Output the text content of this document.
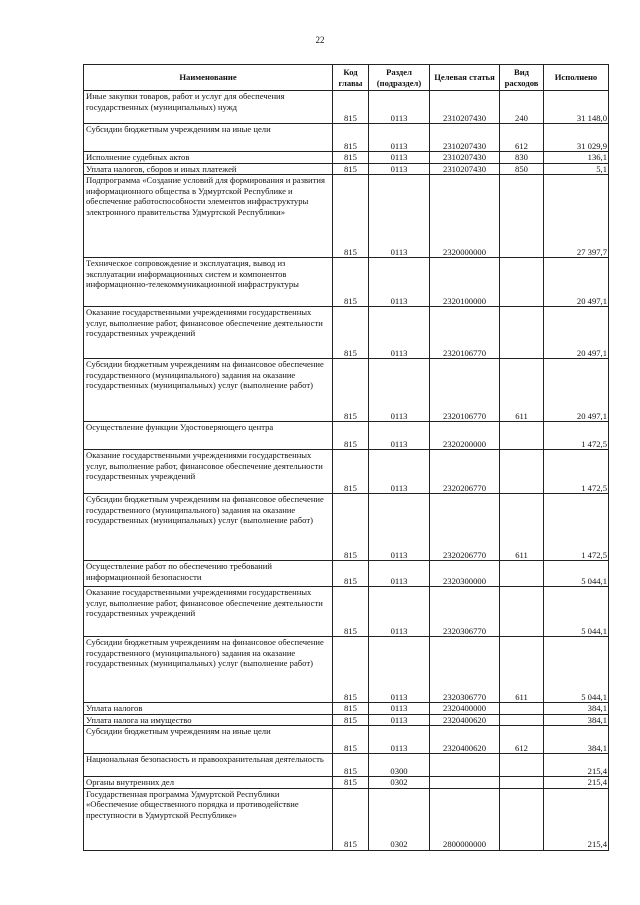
22
Наименование	Код главы	Раздел (подраздел)	Целевая статья	Вид расходов	Исполнено
Иные закупки товаров, работ и услуг для обеспечения государственных (муниципальных) нужд	815	0113	2310207430	240	31 148,0
Субсидии бюджетным учреждениям на иные цели	815	0113	2310207430	612	31 029,9
Исполнение судебных актов	815	0113	2310207430	830	136,1
Уплата налогов, сборов и иных платежей	815	0113	2310207430	850	5,1
Подпрограмма «Создание условий для формирования и развития информационного общества в Удмуртской Республике и обеспечение работоспособности элементов инфраструктуры электронного правительства Удмуртской Республики»	815	0113	2320000000		27 397,7
Техническое сопровождение и эксплуатация, вывод из эксплуатации информационных систем и компонентов информационно-телекоммуникационной инфраструктуры	815	0113	2320100000		20 497,1
Оказание государственными учреждениями государственных услуг, выполнение работ, финансовое обеспечение деятельности государственных учреждений	815	0113	2320106770		20 497,1
Субсидии бюджетным учреждениям на финансовое обеспечение государственного (муниципального) задания на оказание государственных (муниципальных) услуг (выполнение работ)	815	0113	2320106770	611	20 497,1
Осуществление функции Удостоверяющего центра	815	0113	2320200000		1 472,5
Оказание государственными учреждениями государственных услуг, выполнение работ, финансовое обеспечение деятельности государственных учреждений	815	0113	2320206770		1 472,5
Субсидии бюджетным учреждениям на финансовое обеспечение государственного (муниципального) задания на оказание государственных (муниципальных) услуг (выполнение работ)	815	0113	2320206770	611	1 472,5
Осуществление работ по обеспечению требований информационной безопасности	815	0113	2320300000		5 044,1
Оказание государственными учреждениями государственных услуг, выполнение работ, финансовое обеспечение деятельности государственных учреждений	815	0113	2320306770		5 044,1
Субсидии бюджетным учреждениям на финансовое обеспечение государственного (муниципального) задания на оказание государственных (муниципальных) услуг (выполнение работ)	815	0113	2320306770	611	5 044,1
Уплата налогов	815	0113	2320400000		384,1
Уплата налога на имущество	815	0113	2320400620		384,1
Субсидии бюджетным учреждениям на иные цели	815	0113	2320400620	612	384,1
Национальная безопасность и правоохранительная деятельность	815	0300			215,4
Органы внутренних дел	815	0302			215,4
Государственная программа Удмуртской Республики «Обеспечение общественного порядка и противодействие преступности в Удмуртской Республике»	815	0302	2800000000		215,4
